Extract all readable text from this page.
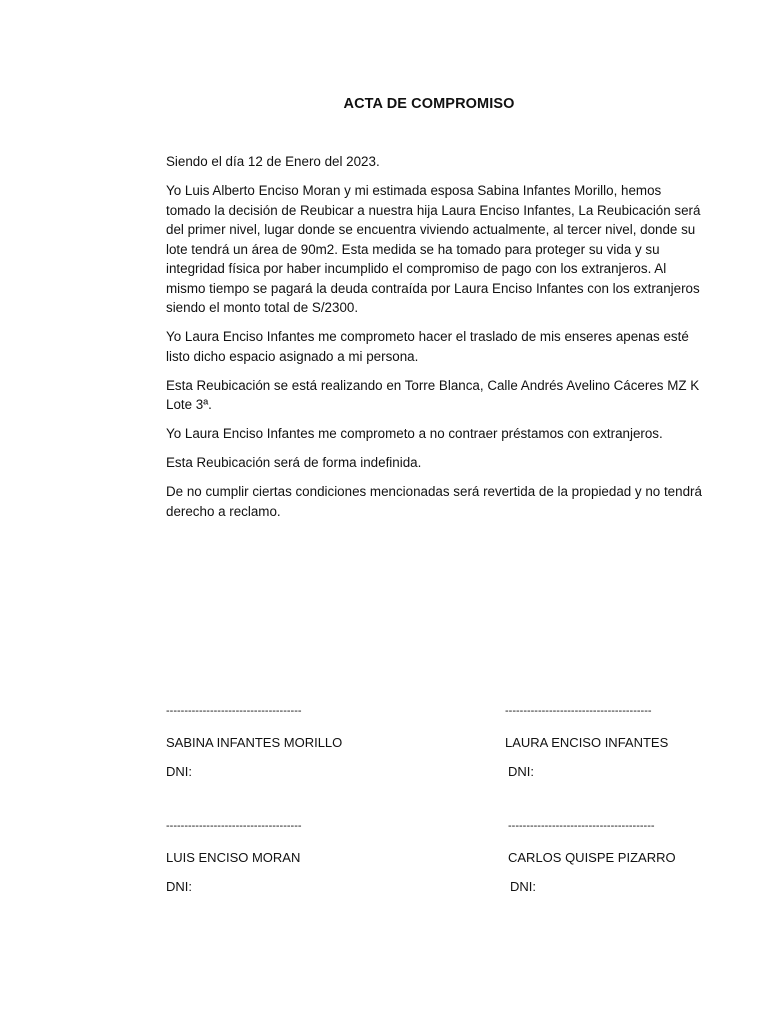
ACTA DE COMPROMISO

Siendo el día 12 de Enero del 2023.

Yo Luis Alberto Enciso Moran y mi estimada esposa Sabina Infantes Morillo, hemos tomado la decisión de Reubicar a nuestra hija Laura Enciso Infantes, La Reubicación será del primer nivel, lugar donde se encuentra viviendo actualmente, al tercer nivel, donde su lote tendrá un área de 90m2. Esta medida se ha tomado para proteger su vida y su integridad física por haber incumplido el compromiso de pago con los extranjeros. Al mismo tiempo se pagará la deuda contraída por Laura Enciso Infantes con los extranjeros siendo el monto total de S/2300.

Yo Laura Enciso Infantes me comprometo hacer el traslado de mis enseres apenas esté listo dicho espacio asignado a mi persona.

Esta Reubicación se está realizando en Torre Blanca, Calle Andrés Avelino Cáceres MZ K Lote 3ª.

Yo Laura Enciso Infantes me comprometo a no contraer préstamos con extranjeros.

Esta Reubicación será de forma indefinida.

De no cumplir ciertas condiciones mencionadas será revertida de la propiedad y no tendrá derecho a reclamo.

-------------------------------------
SABINA INFANTES MORILLO
DNI:
----------------------------------------
LAURA ENCISO INFANTES
DNI:
-------------------------------------
LUIS ENCISO MORAN
DNI:
----------------------------------------
CARLOS QUISPE PIZARRO
DNI:
